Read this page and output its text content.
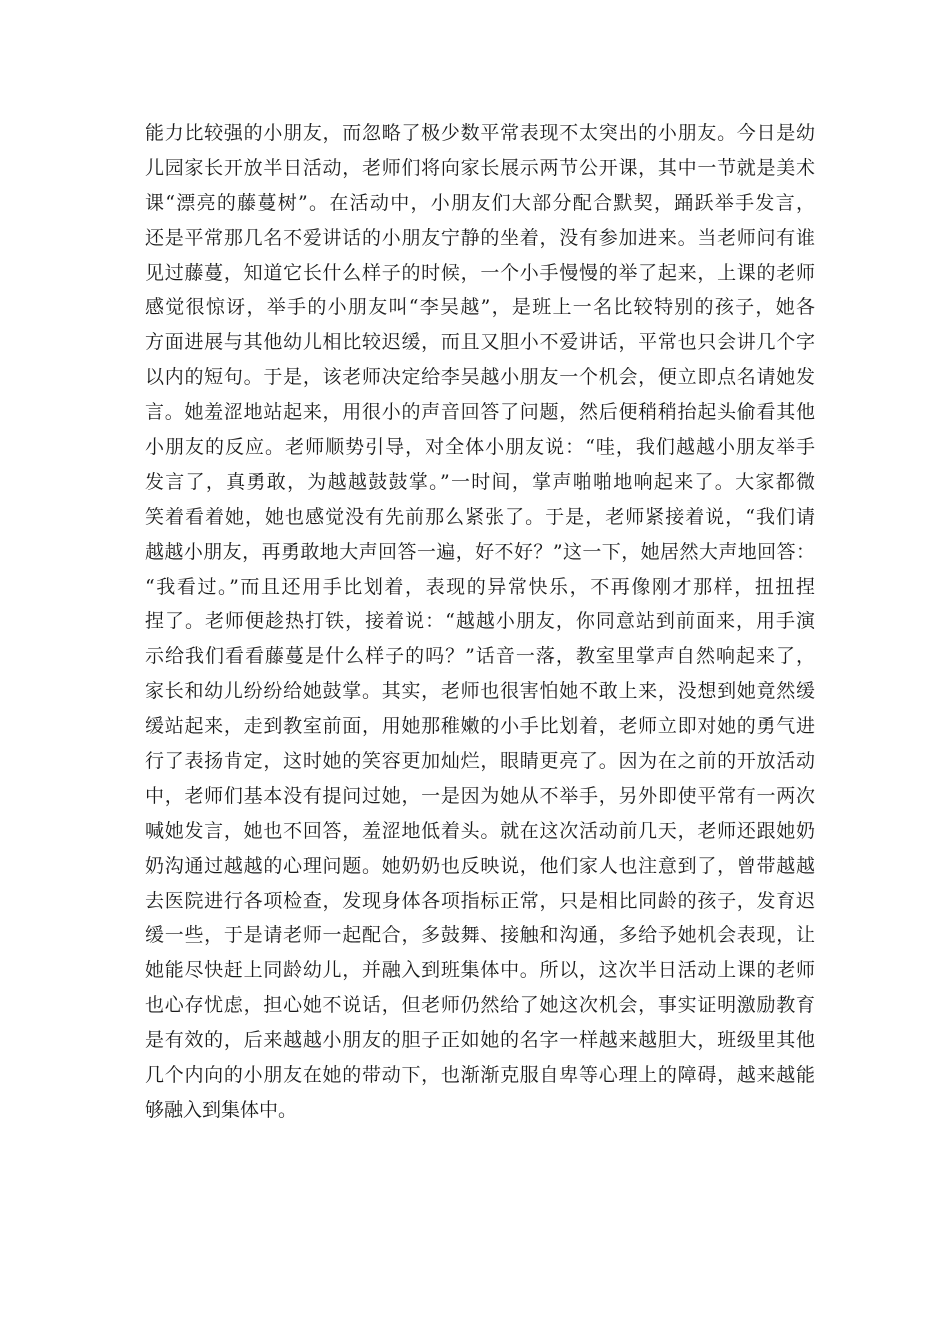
能力比较强的小朋友，而忽略了极少数平常表现不太突出的小朋友。今日是幼
儿园家长开放半日活动，老师们将向家长展示两节公开课，其中一节就是美术
课“漂亮的藤蔓树”。在活动中，小朋友们大部分配合默契，踊跃举手发言，
还是平常那几名不爱讲话的小朋友宁静的坐着，没有参加进来。当老师问有谁
见过藤蔓，知道它长什么样子的时候，一个小手慢慢的举了起来，上课的老师
感觉很惊讶，举手的小朋友叫“李吴越”，是班上一名比较特别的孩子，她各
方面进展与其他幼儿相比较迟缓，而且又胆小不爱讲话，平常也只会讲几个字
以内的短句。于是，该老师决定给李吴越小朋友一个机会，便立即点名请她发
言。她羞涩地站起来，用很小的声音回答了问题，然后便稍稍抬起头偷看其他
小朋友的反应。老师顺势引导，对全体小朋友说：“哇，我们越越小朋友举手
发言了，真勇敢，为越越鼓鼓掌。”一时间，掌声啪啪地响起来了。大家都微
笑着看着她，她也感觉没有先前那么紧张了。于是，老师紧接着说，“我们请
越越小朋友，再勇敢地大声回答一遍，好不好？”这一下，她居然大声地回答：
“我看过。”而且还用手比划着，表现的异常快乐，不再像刚才那样，扭扭捏
捏了。老师便趁热打铁，接着说：“越越小朋友，你同意站到前面来，用手演
示给我们看看藤蔓是什么样子的吗？”话音一落，教室里掌声自然响起来了，
家长和幼儿纷纷给她鼓掌。其实，老师也很害怕她不敢上来，没想到她竟然缓
缓站起来，走到教室前面，用她那稚嫩的小手比划着，老师立即对她的勇气进
行了表扬肯定，这时她的笑容更加灿烂，眼睛更亮了。因为在之前的开放活动
中，老师们基本没有提问过她，一是因为她从不举手，另外即使平常有一两次
喊她发言，她也不回答，羞涩地低着头。就在这次活动前几天，老师还跟她奶
奶沟通过越越的心理问题。她奶奶也反映说，他们家人也注意到了，曾带越越
去医院进行各项检查，发现身体各项指标正常，只是相比同龄的孩子，发育迟
缓一些，于是请老师一起配合，多鼓舞、接触和沟通，多给予她机会表现，让
她能尽快赶上同龄幼儿，并融入到班集体中。所以，这次半日活动上课的老师
也心存忧虑，担心她不说话，但老师仍然给了她这次机会，事实证明激励教育
是有效的，后来越越小朋友的胆子正如她的名字一样越来越胆大，班级里其他
几个内向的小朋友在她的带动下，也渐渐克服自卑等心理上的障碍，越来越能
够融入到集体中。
